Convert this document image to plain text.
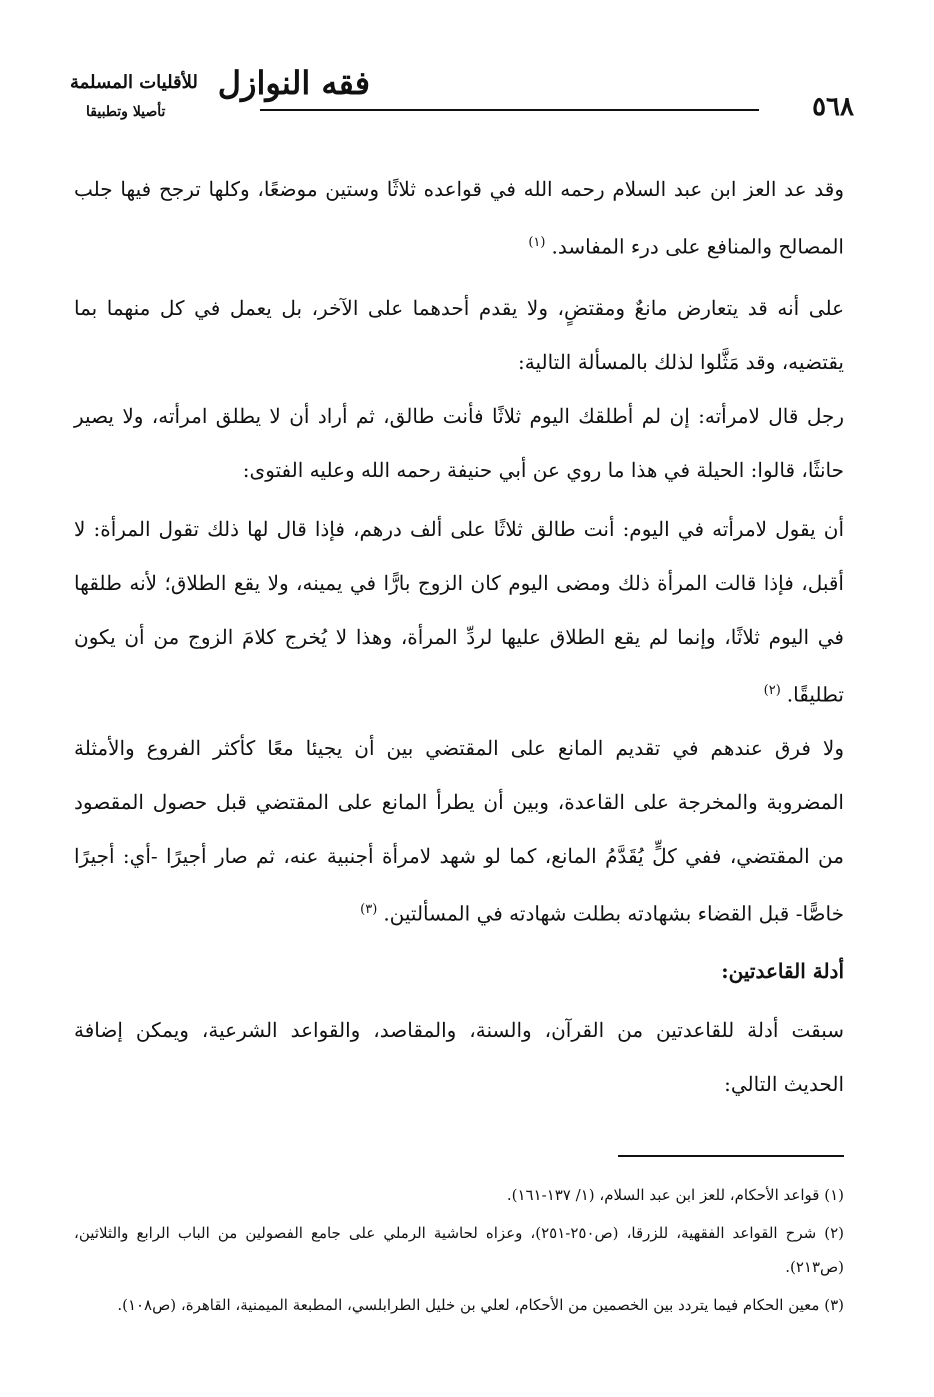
٥٦٨
فقه النوازل
للأقليات المسلمة
تأصيلا وتطبيقا

وقد عد العز ابن عبد السلام رحمه الله في قواعده ثلاثًا وستين موضعًا، وكلها ترجح فيها جلب المصالح والمنافع على درء المفاسد.$^{(١)}$

على أنه قد يتعارض مانعٌ ومقتضٍ، ولا يقدم أحدهما على الآخر، بل يعمل في كل منهما بما يقتضيه، وقد مَثَّلوا لذلك بالمسألة التالية:

رجل قال لامرأته: إن لم أطلقك اليوم ثلاثًا فأنت طالق، ثم أراد أن لا يطلق امرأته، ولا يصير حانثًا، قالوا: الحيلة في هذا ما روي عن أبي حنيفة رحمه الله وعليه الفتوى:

أن يقول لامرأته في اليوم: أنت طالق ثلاثًا على ألف درهم، فإذا قال لها ذلك تقول المرأة: لا أقبل، فإذا قالت المرأة ذلك ومضى اليوم كان الزوج بارًّا في يمينه، ولا يقع الطلاق؛ لأنه طلقها في اليوم ثلاثًا، وإنما لم يقع الطلاق عليها لردِّ المرأة، وهذا لا يُخرج كلامَ الزوج من أن يكون تطليقًا.$^{(٢)}$

ولا فرق عندهم في تقديم المانع على المقتضي بين أن يجيئا معًا كأكثر الفروع والأمثلة المضروبة والمخرجة على القاعدة، وبين أن يطرأ المانع على المقتضي قبل حصول المقصود من المقتضي، ففي كلٍّ يُقَدَّمُ المانع، كما لو شهد لامرأة أجنبية عنه، ثم صار أجيرًا -أي: أجيرًا خاصًّا- قبل القضاء بشهادته بطلت شهادته في المسألتين.$^{(٣)}$

أدلة القاعدتين:

سبقت أدلة للقاعدتين من القرآن، والسنة، والمقاصد، والقواعد الشرعية، ويمكن إضافة الحديث التالي:

(١) قواعد الأحكام، للعز ابن عبد السلام، (١/ ١٣٧-١٦١).

(٢) شرح القواعد الفقهية، للزرقا، (ص٢٥٠-٢٥١)، وعزاه لحاشية الرملي على جامع الفصولين من الباب الرابع والثلاثين، (ص٢١٣).

(٣) معين الحكام فيما يتردد بين الخصمين من الأحكام، لعلي بن خليل الطرابلسي، المطبعة الميمنية، القاهرة، (ص١٠٨).
